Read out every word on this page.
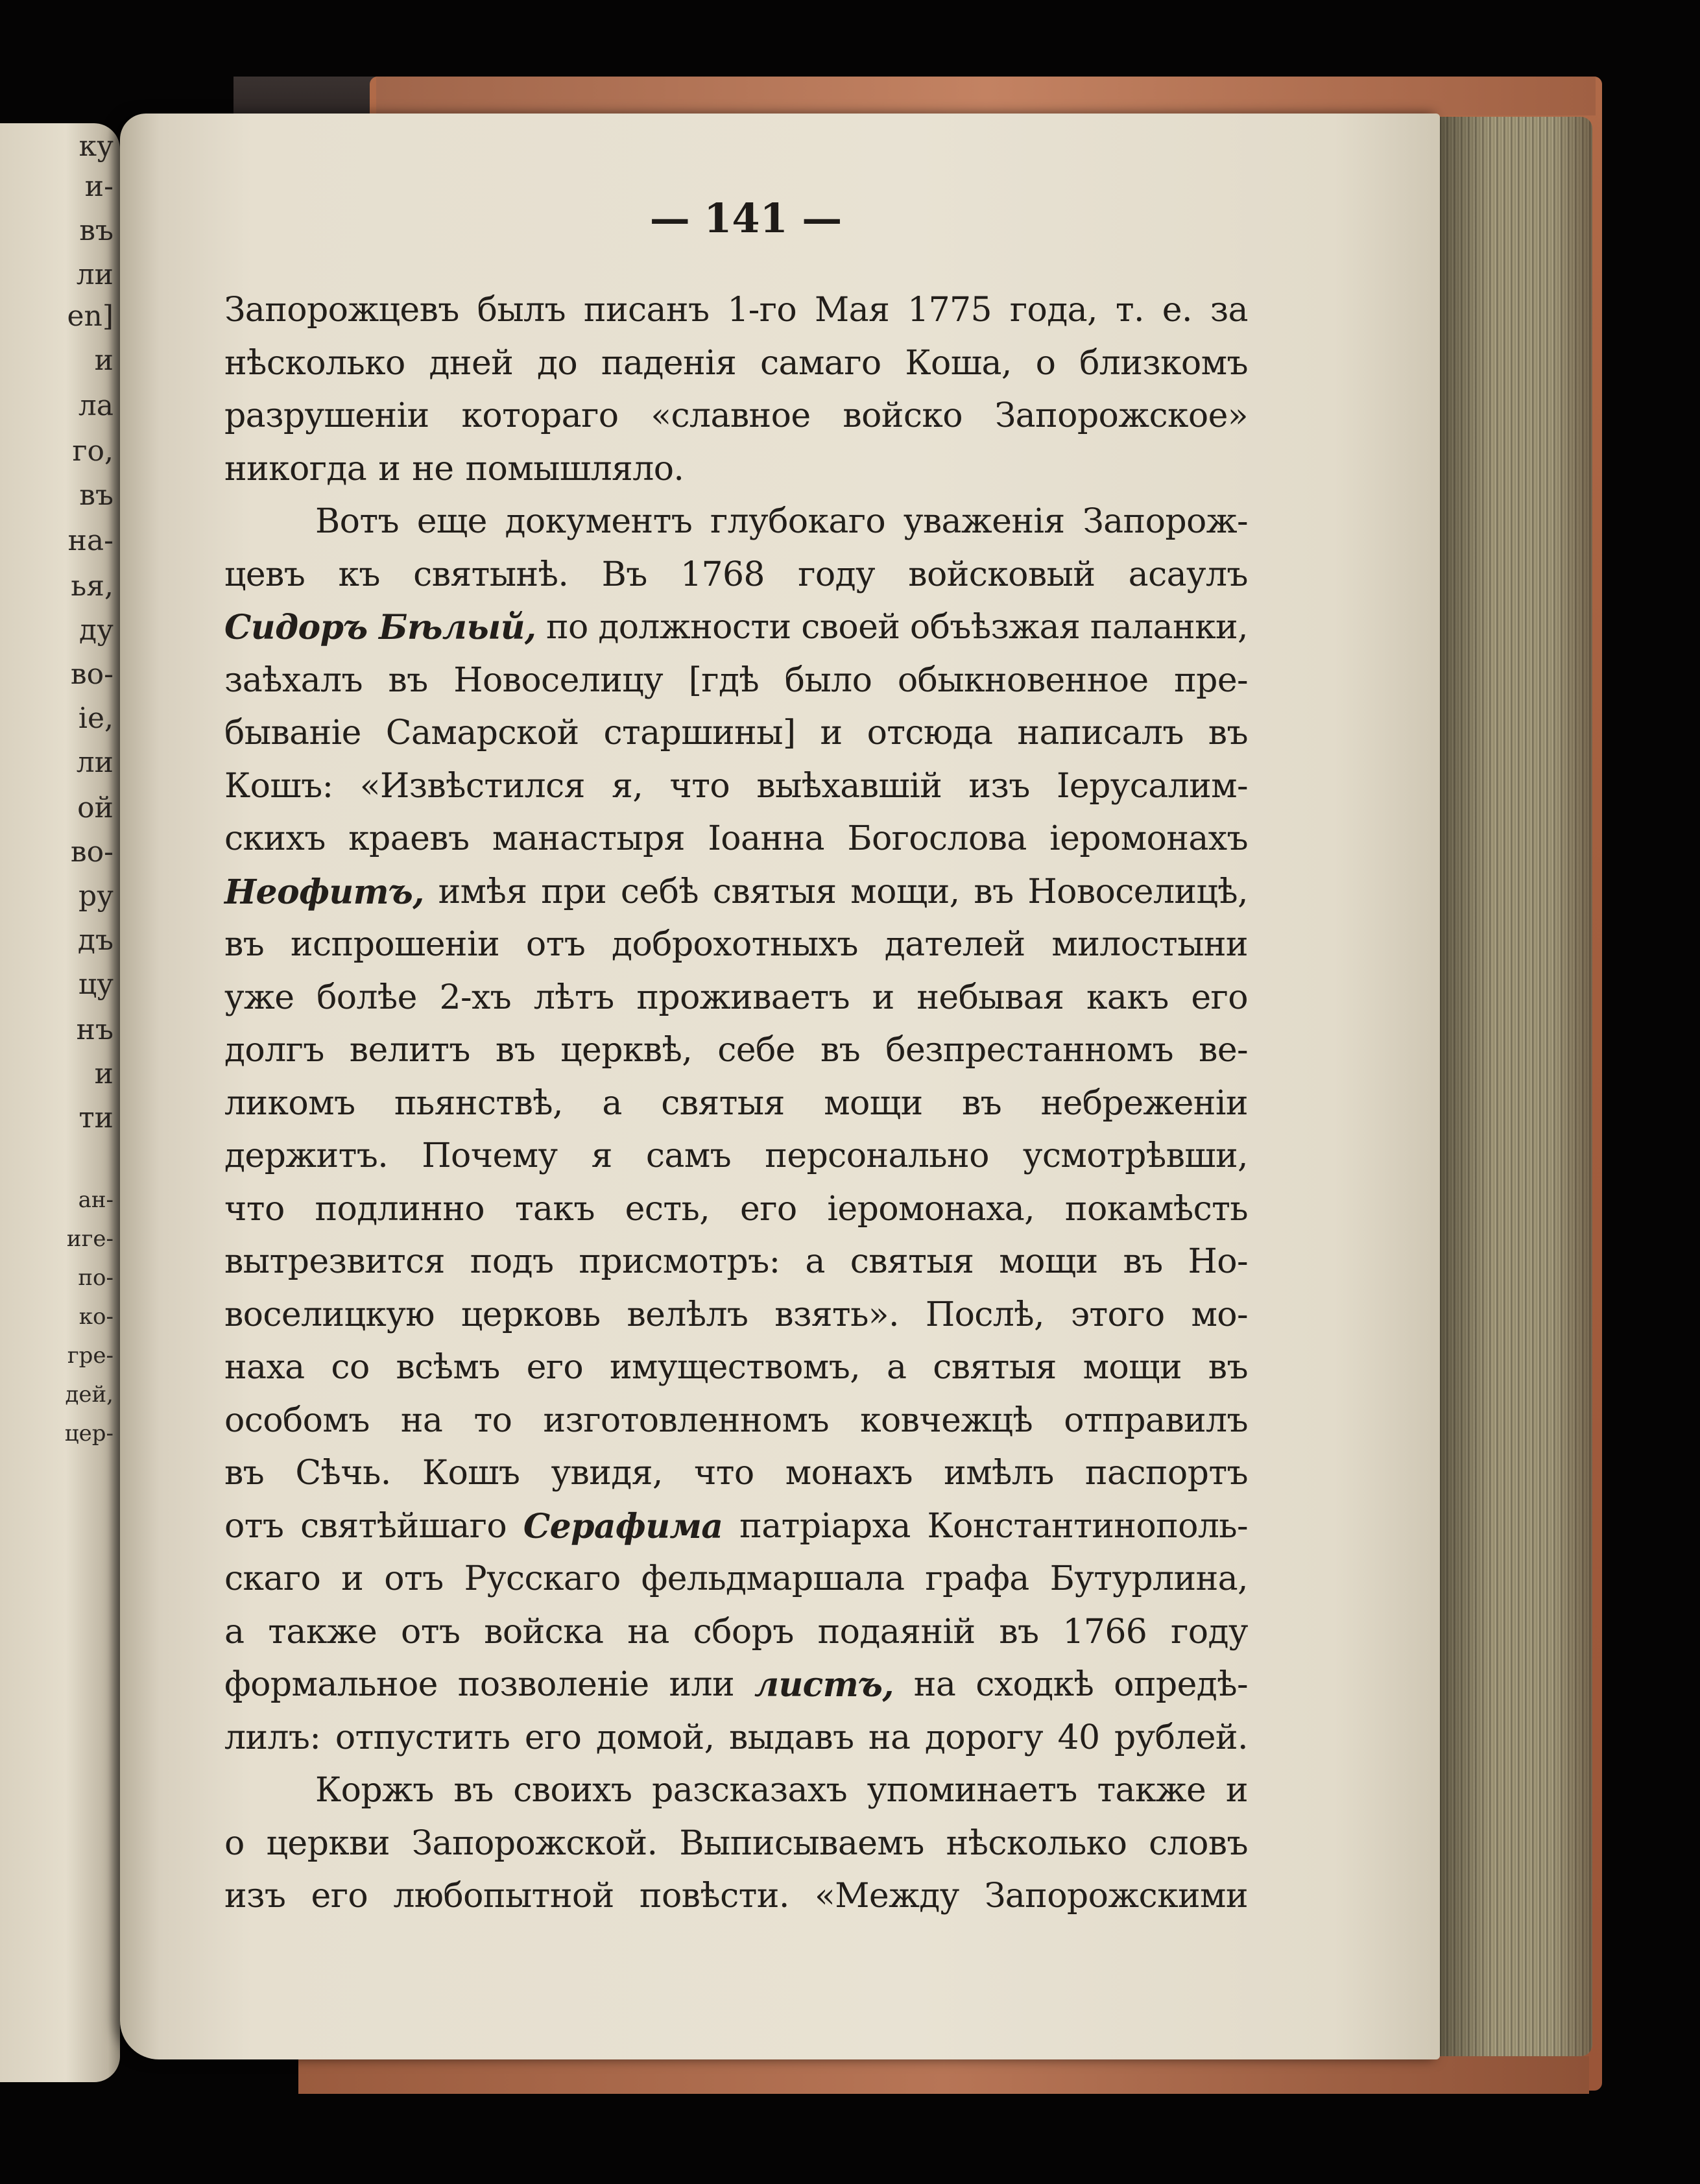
ку
и-
въ
ли
en]
и
ла
го,
въ
на-
ья,
ду
во-
ie,
ли
ой
во-
ру
дъ
цу
нъ
и
ти
ан-
иге-
по-
ко-
гре-
дей,
цер-
— 141 —
Запорожцевъ былъ писанъ 1-го Мая 1775 года, т. е. за
нѣсколько дней до паденія самаго Коша, о близкомъ
разрушеніи котораго «славное войско Запорожское»
никогда и не помышляло.
Вотъ еще документъ глубокаго уваженія Запорож-
цевъ къ святынѣ. Въ 1768 году войсковый асаулъ
Сидоръ Бѣлый, по должности своей объѣзжая паланки,
заѣхалъ въ Новоселицу [гдѣ было обыкновенное пре-
бываніе Самарской старшины] и отсюда написалъ въ
Кошъ: «Извѣстился я, что выѣхавшій изъ Іерусалим-
скихъ краевъ манастыря Іоанна Богослова іеромонахъ
Неофитъ, имѣя при себѣ святыя мощи, въ Новоселицѣ,
въ испрошеніи отъ доброхотныхъ дателей милостыни
уже болѣе 2-хъ лѣтъ проживаетъ и небывая какъ его
долгъ велитъ въ церквѣ, себе въ безпрестанномъ ве-
ликомъ пьянствѣ, а святыя мощи въ небреженіи
держитъ. Почему я самъ персонально усмотрѣвши,
что подлинно такъ есть, его іеромонаха, покамѣсть
вытрезвится подъ присмотръ: а святыя мощи въ Но-
воселицкую церковь велѣлъ взять». Послѣ, этого мо-
наха со всѣмъ его имуществомъ, а святыя мощи въ
особомъ на то изготовленномъ ковчежцѣ отправилъ
въ Сѣчь. Кошъ увидя, что монахъ имѣлъ паспортъ
отъ святѣйшаго Серафима патріарха Константинополь-
скаго и отъ Русскаго фельдмаршала графа Бутурлина,
а также отъ войска на сборъ подаяній въ 1766 году
формальное позволеніе или листъ, на сходкѣ опредѣ-
лилъ: отпустить его домой, выдавъ на дорогу 40 рублей.
Коржъ въ своихъ разсказахъ упоминаетъ также и
о церкви Запорожской. Выписываемъ нѣсколько словъ
изъ его любопытной повѣсти. «Между Запорожскими
